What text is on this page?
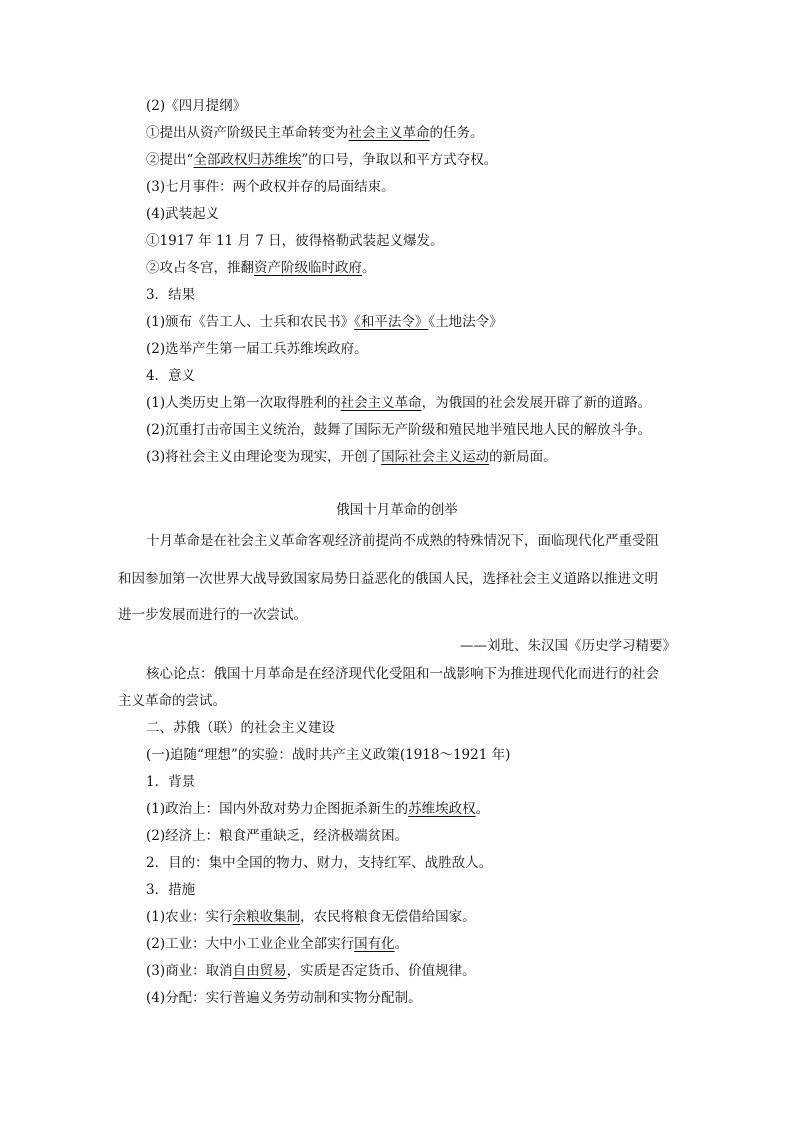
(2)《四月提纲》
①提出从资产阶级民主革命转变为社会主义革命的任务。
②提出“全部政权归苏维埃”的口号，争取以和平方式夺权。
(3)七月事件：两个政权并存的局面结束。
(4)武装起义
①1917 年 11 月 7 日，彼得格勒武装起义爆发。
②攻占冬宫，推翻资产阶级临时政府。
3．结果
(1)颁布《告工人、士兵和农民书》《和平法令》《土地法令》
(2)选举产生第一届工兵苏维埃政府。
4．意义
(1)人类历史上第一次取得胜利的社会主义革命，为俄国的社会发展开辟了新的道路。
(2)沉重打击帝国主义统治，鼓舞了国际无产阶级和殖民地半殖民地人民的解放斗争。
(3)将社会主义由理论变为现实，开创了国际社会主义运动的新局面。
俄国十月革命的创举
十月革命是在社会主义革命客观经济前提尚不成熟的特殊情况下，面临现代化严重受阻
和因参加第一次世界大战导致国家局势日益恶化的俄国人民，选择社会主义道路以推进文明
进一步发展而进行的一次尝试。
——刘玭、朱汉国《历史学习精要》
核心论点：俄国十月革命是在经济现代化受阻和一战影响下为推进现代化而进行的社会
主义革命的尝试。
二、苏俄（联）的社会主义建设
(一)追随“理想”的实验：战时共产主义政策(1918～1921 年)
1．背景
(1)政治上：国内外敌对势力企图扼杀新生的苏维埃政权。
(2)经济上：粮食严重缺乏，经济极端贫困。
2．目的：集中全国的物力、财力，支持红军、战胜敌人。
3．措施
(1)农业：实行余粮收集制，农民将粮食无偿借给国家。
(2)工业：大中小工业企业全部实行国有化。
(3)商业：取消自由贸易，实质是否定货币、价值规律。
(4)分配：实行普遍义务劳动制和实物分配制。
